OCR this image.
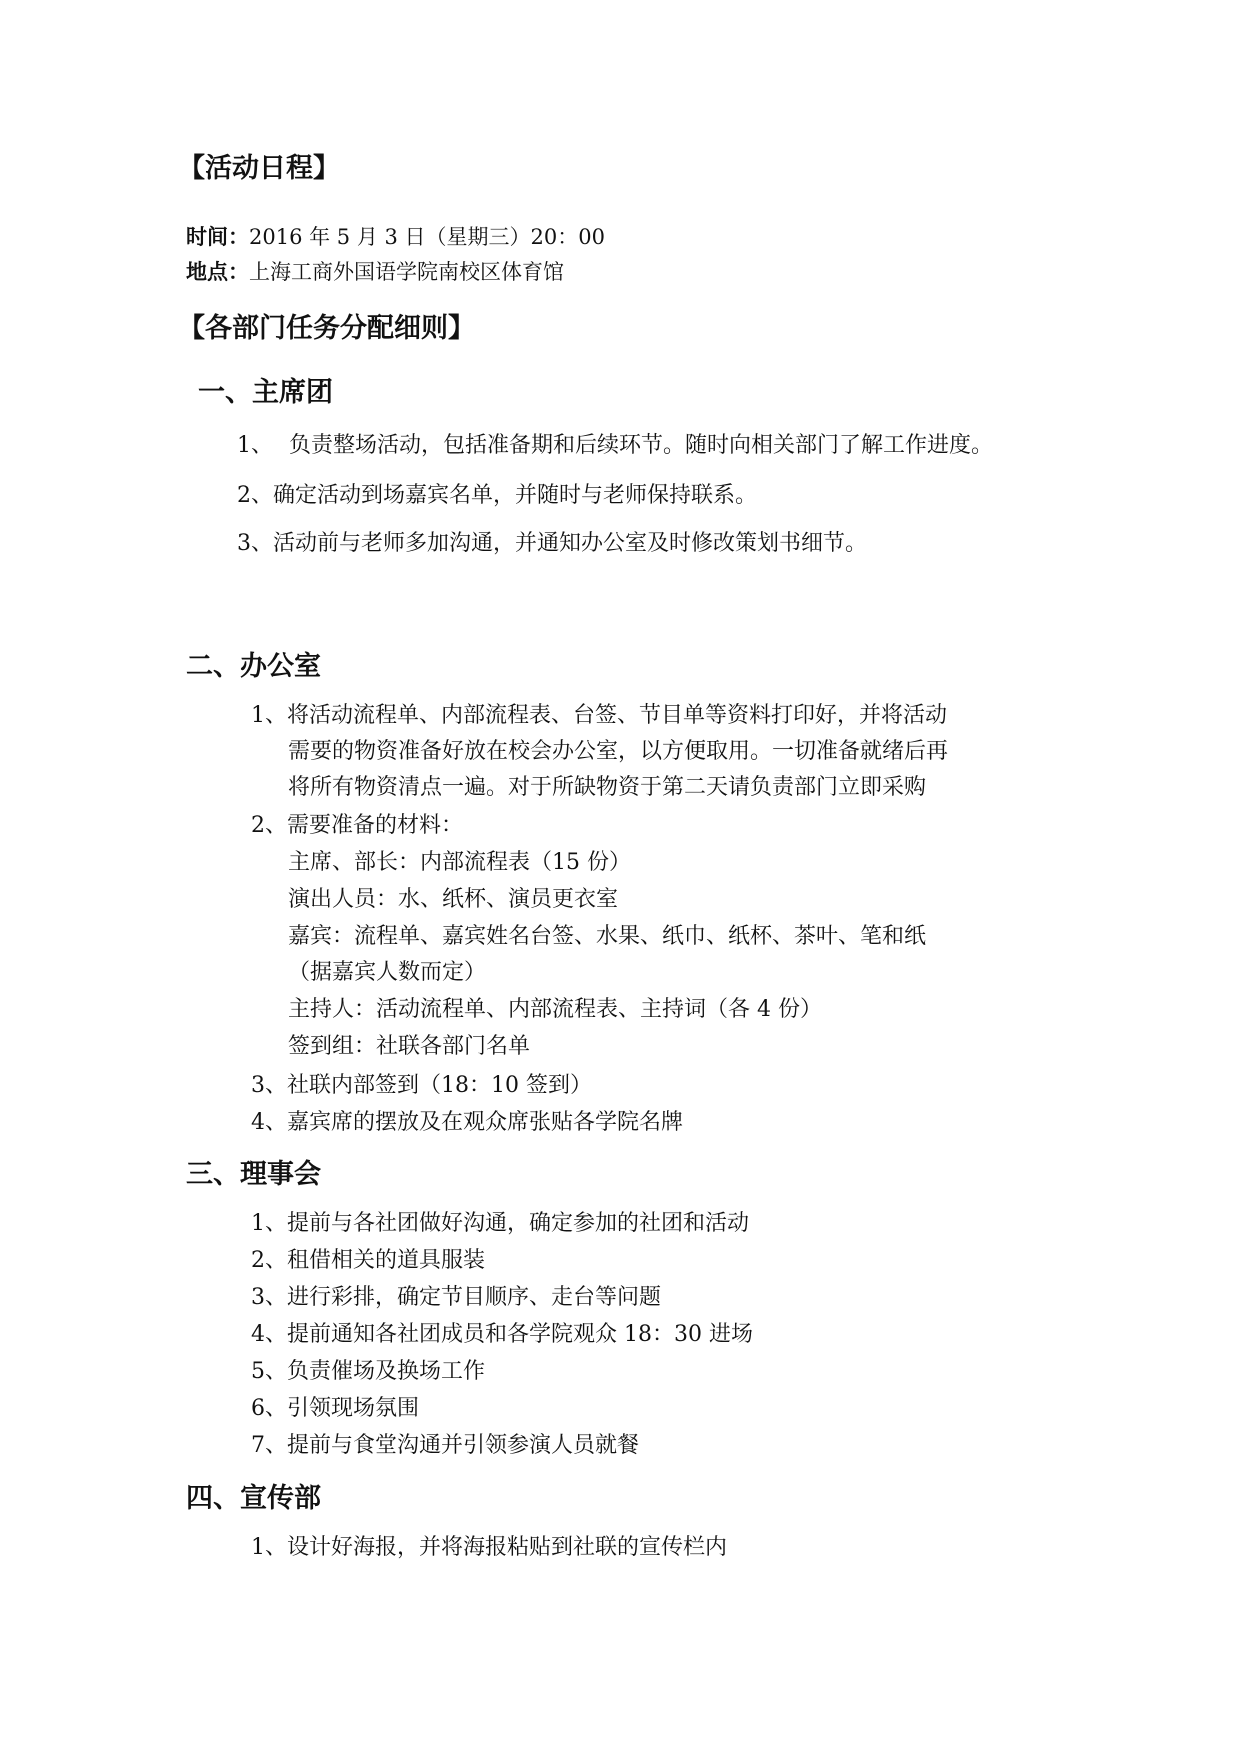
【活动日程】
时间：2016 年 5 月 3 日（星期三）20：00
地点：上海工商外国语学院南校区体育馆
【各部门任务分配细则】
一、主席团
1、 负责整场活动，包括准备期和后续环节。随时向相关部门了解工作进度。
2、确定活动到场嘉宾名单，并随时与老师保持联系。
3、活动前与老师多加沟通，并通知办公室及时修改策划书细节。
二、办公室
1、将活动流程单、内部流程表、台签、节目单等资料打印好，并将活动
需要的物资准备好放在校会办公室，以方便取用。一切准备就绪后再
将所有物资清点一遍。对于所缺物资于第二天请负责部门立即采购
2、需要准备的材料：
主席、部长：内部流程表（15 份）
演出人员：水、纸杯、演员更衣室
嘉宾：流程单、嘉宾姓名台签、水果、纸巾、纸杯、茶叶、笔和纸
（据嘉宾人数而定）
主持人：活动流程单、内部流程表、主持词（各 4 份）
签到组：社联各部门名单
3、社联内部签到（18：10 签到）
4、嘉宾席的摆放及在观众席张贴各学院名牌
三、理事会
1、提前与各社团做好沟通，确定参加的社团和活动
2、租借相关的道具服装
3、进行彩排，确定节目顺序、走台等问题
4、提前通知各社团成员和各学院观众 18：30 进场
5、负责催场及换场工作
6、引领现场氛围
7、提前与食堂沟通并引领参演人员就餐
四、宣传部
1、设计好海报，并将海报粘贴到社联的宣传栏内
